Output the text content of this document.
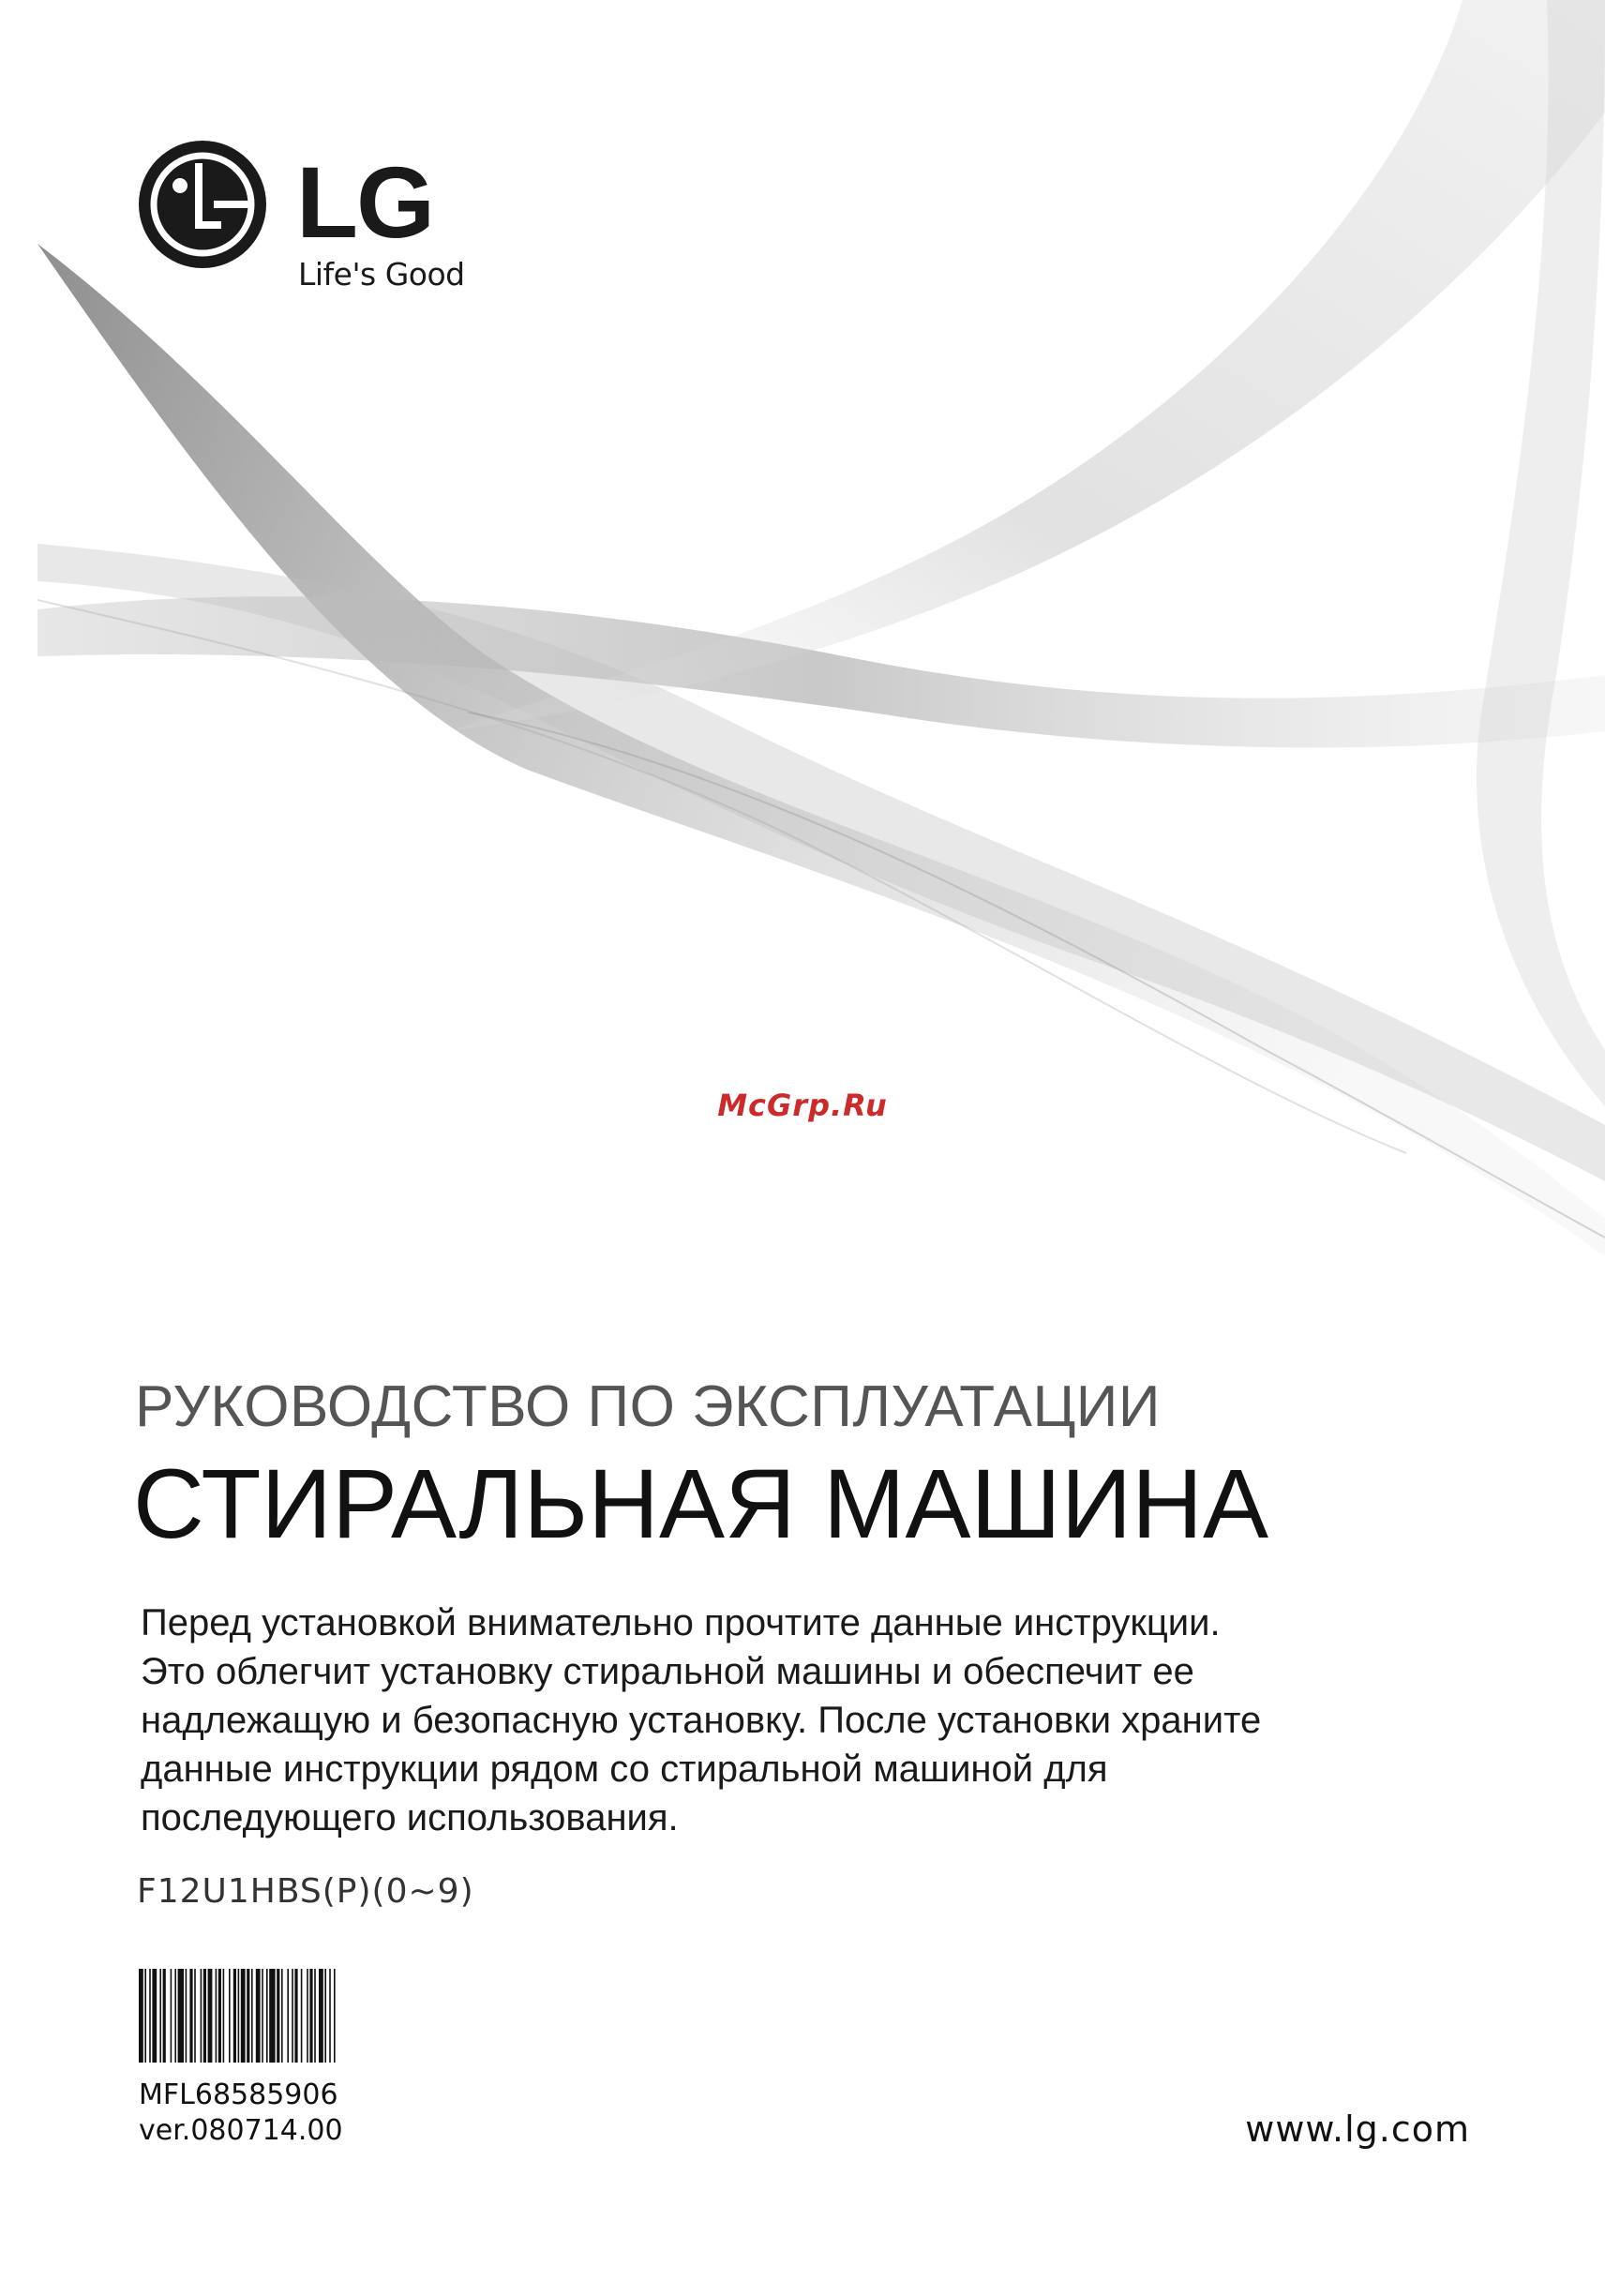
LG
Life's Good
McGrp.Ru
РУКОВОДСТВО ПО ЭКСПЛУАТАЦИИ
СТИРАЛЬНАЯ МАШИНА
Перед установкой внимательно прочтите данные инструкции.
Это облегчит установку стиральной машины и обеспечит ее
надлежащую и безопасную установку. После установки храните
данные инструкции рядом со стиральной машиной для
последующего использования.
F12U1HBS(P)(0~9)
MFL68585906
ver.080714.00	www.lg.com
